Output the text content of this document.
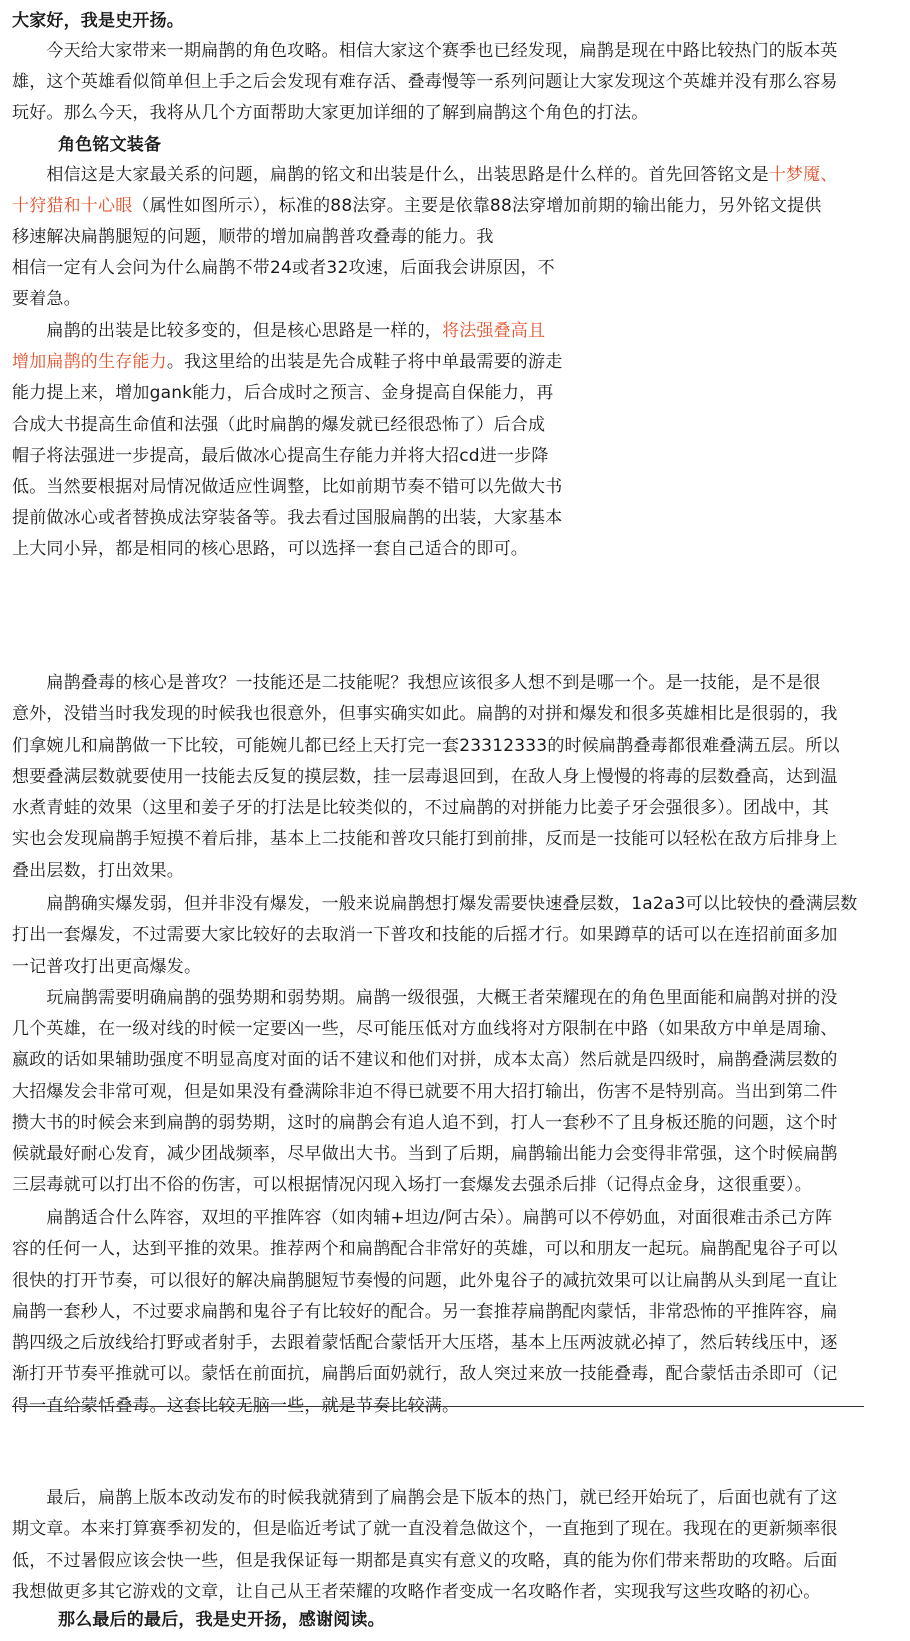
大家好，我是史开扬。
　　今天给大家带来一期扁鹊的角色攻略。相信大家这个赛季也已经发现，扁鹊是现在中路比较热门的版本英
雄，这个英雄看似简单但上手之后会发现有难存活、叠毒慢等一系列问题让大家发现这个英雄并没有那么容易
玩好。那么今天，我将从几个方面帮助大家更加详细的了解到扁鹊这个角色的打法。
角色铭文装备
　　相信这是大家最关系的问题，扁鹊的铭文和出装是什么，出装思路是什么样的。首先回答铭文是十梦魇、
十狩猎和十心眼（属性如图所示），标准的88法穿。主要是依靠88法穿增加前期的输出能力，另外铭文提供
移速解决扁鹊腿短的问题，顺带的增加扁鹊普攻叠毒的能力。我
相信一定有人会问为什么扁鹊不带24或者32攻速，后面我会讲原因，不
要着急。
　　扁鹊的出装是比较多变的，但是核心思路是一样的，将法强叠高且
增加扁鹊的生存能力。我这里给的出装是先合成鞋子将中单最需要的游走
能力提上来，增加gank能力，后合成时之预言、金身提高自保能力，再
合成大书提高生命值和法强（此时扁鹊的爆发就已经很恐怖了）后合成
帽子将法强进一步提高，最后做冰心提高生存能力并将大招cd进一步降
低。当然要根据对局情况做适应性调整，比如前期节奏不错可以先做大书
提前做冰心或者替换成法穿装备等。我去看过国服扁鹊的出装，大家基本
上大同小异，都是相同的核心思路，可以选择一套自己适合的即可。
　　扁鹊叠毒的核心是普攻？一技能还是二技能呢？我想应该很多人想不到是哪一个。是一技能，是不是很
意外，没错当时我发现的时候我也很意外，但事实确实如此。扁鹊的对拼和爆发和很多英雄相比是很弱的，我
们拿婉儿和扁鹊做一下比较，可能婉儿都已经上天打完一套23312333的时候扁鹊叠毒都很难叠满五层。所以
想要叠满层数就要使用一技能去反复的摸层数，挂一层毒退回到，在敌人身上慢慢的将毒的层数叠高，达到温
水煮青蛙的效果（这里和姜子牙的打法是比较类似的，不过扁鹊的对拼能力比姜子牙会强很多）。团战中，其
实也会发现扁鹊手短摸不着后排，基本上二技能和普攻只能打到前排，反而是一技能可以轻松在敌方后排身上
叠出层数，打出效果。
　　扁鹊确实爆发弱，但并非没有爆发，一般来说扁鹊想打爆发需要快速叠层数，1a2a3可以比较快的叠满层数
打出一套爆发，不过需要大家比较好的去取消一下普攻和技能的后摇才行。如果蹲草的话可以在连招前面多加
一记普攻打出更高爆发。
　　玩扁鹊需要明确扁鹊的强势期和弱势期。扁鹊一级很强，大概王者荣耀现在的角色里面能和扁鹊对拼的没
几个英雄，在一级对线的时候一定要凶一些，尽可能压低对方血线将对方限制在中路（如果敌方中单是周瑜、
嬴政的话如果辅助强度不明显高度对面的话不建议和他们对拼，成本太高）然后就是四级时，扁鹊叠满层数的
大招爆发会非常可观，但是如果没有叠满除非迫不得已就要不用大招打输出，伤害不是特别高。当出到第二件
攒大书的时候会来到扁鹊的弱势期，这时的扁鹊会有追人追不到，打人一套秒不了且身板还脆的问题，这个时
候就最好耐心发育，减少团战频率，尽早做出大书。当到了后期，扁鹊输出能力会变得非常强，这个时候扁鹊
三层毒就可以打出不俗的伤害，可以根据情况闪现入场打一套爆发去强杀后排（记得点金身，这很重要）。
　　扁鹊适合什么阵容，双坦的平推阵容（如肉辅+坦边/阿古朵）。扁鹊可以不停奶血，对面很难击杀己方阵
容的任何一人，达到平推的效果。推荐两个和扁鹊配合非常好的英雄，可以和朋友一起玩。扁鹊配鬼谷子可以
很快的打开节奏，可以很好的解决扁鹊腿短节奏慢的问题，此外鬼谷子的减抗效果可以让扁鹊从头到尾一直让
扁鹊一套秒人，不过要求扁鹊和鬼谷子有比较好的配合。另一套推荐扁鹊配肉蒙恬，非常恐怖的平推阵容，扁
鹊四级之后放线给打野或者射手，去跟着蒙恬配合蒙恬开大压塔，基本上压两波就必掉了，然后转线压中，逐
渐打开节奏平推就可以。蒙恬在前面抗，扁鹊后面奶就行，敌人突过来放一技能叠毒，配合蒙恬击杀即可（记
得一直给蒙恬叠毒。这套比较无脑一些，就是节奏比较满。
　　最后，扁鹊上版本改动发布的时候我就猜到了扁鹊会是下版本的热门，就已经开始玩了，后面也就有了这
期文章。本来打算赛季初发的，但是临近考试了就一直没着急做这个，一直拖到了现在。我现在的更新频率很
低，不过暑假应该会快一些，但是我保证每一期都是真实有意义的攻略，真的能为你们带来帮助的攻略。后面
我想做更多其它游戏的文章，让自己从王者荣耀的攻略作者变成一名攻略作者，实现我写这些攻略的初心。
那么最后的最后，我是史开扬，感谢阅读。
